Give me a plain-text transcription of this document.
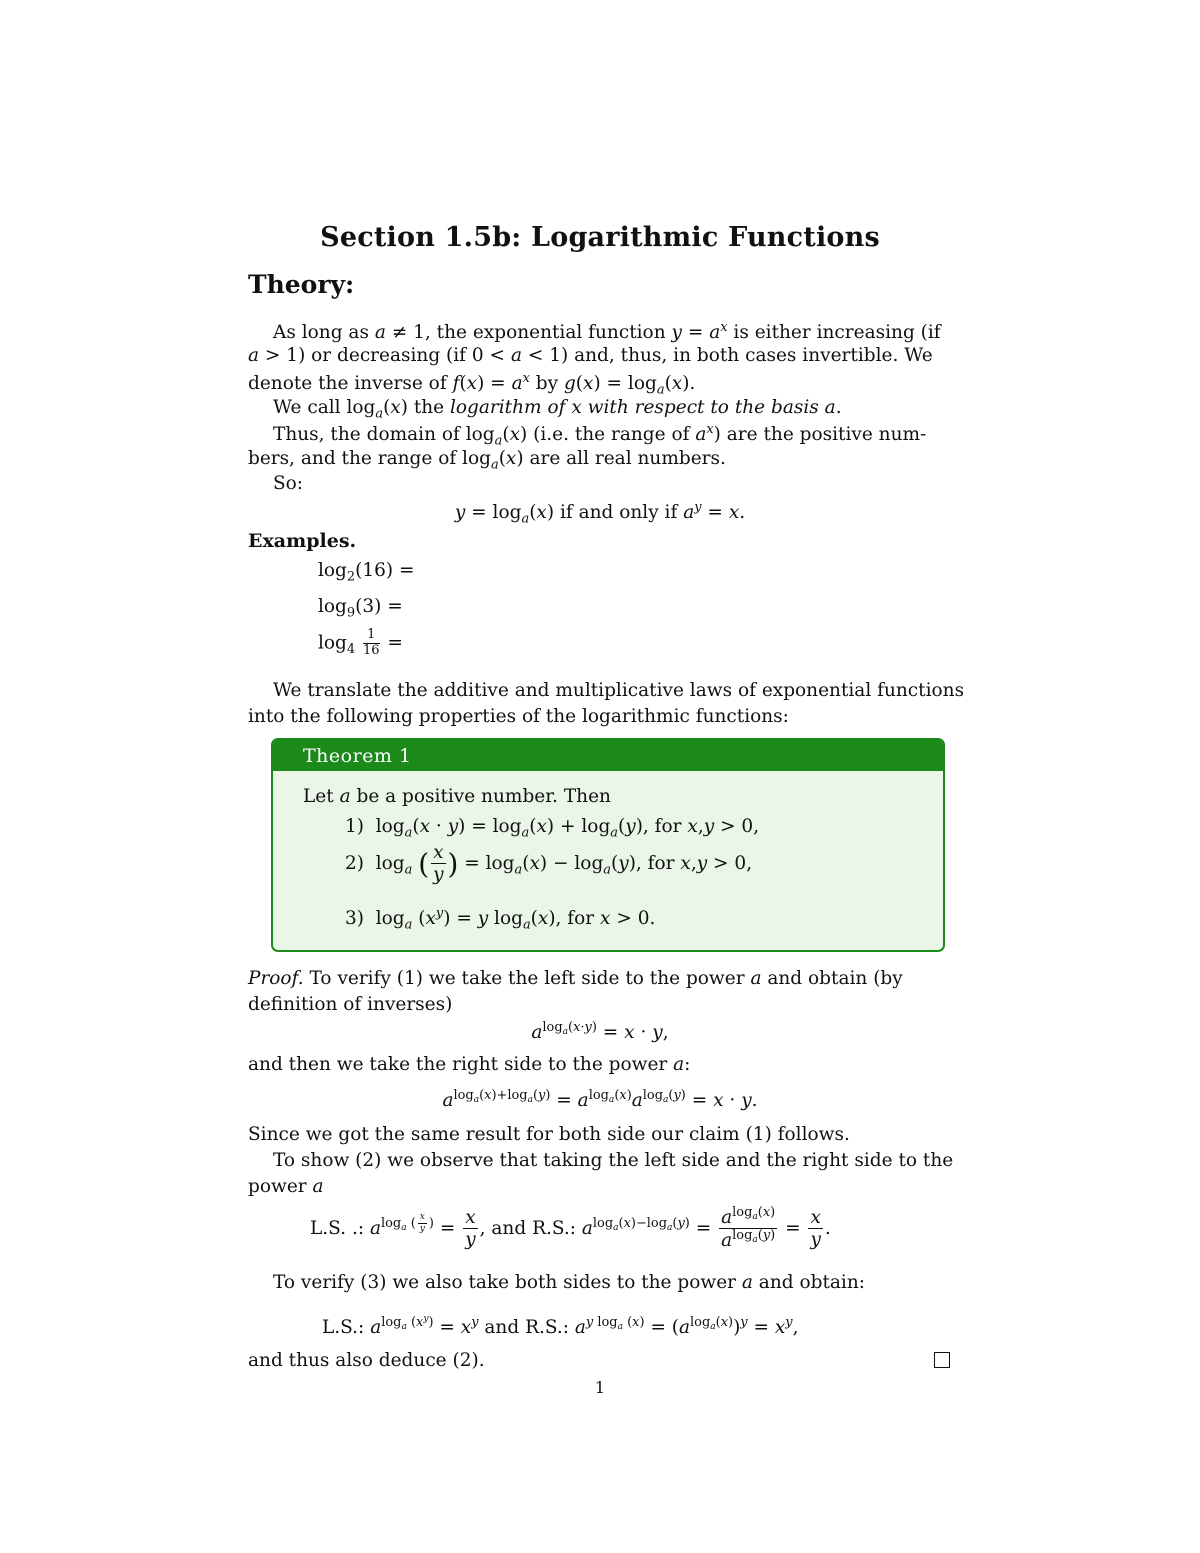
Section 1.5b: Logarithmic Functions
Theory:
As long as a ≠ 1, the exponential function $y = a^x$ is either increasing (if
a > 1) or decreasing (if 0 < a < 1) and, thus, in both cases invertible. We
denote the inverse of $f(x) = a^x$ by $g(x) = \log_a(x)$.
We call $\log_a(x)$ the logarithm of x with respect to the basis a.
Thus, the domain of $\log_a(x)$ (i.e. the range of $a^x$) are the positive num-
bers, and the range of $\log_a(x)$ are all real numbers.
So:
$y = \log_a(x)$ if and only if $a^y = x$.
Examples.
$\log_2(16)$ =
$\log_9(3)$ =
$\log_4 \frac{1}{16}$ =
We translate the additive and multiplicative laws of exponential functions
into the following properties of the logarithmic functions:
Theorem 1
Let a be a positive number. Then
1)  $\log_a(x \cdot y) = \log_a(x) + \log_a(y)$, for x,y > 0,
2)  $\log_a$ ( $\frac{x}{y}$ ) = $\log_a(x) - \log_a(y)$, for x,y > 0,
3)  $\log_a (x^y) = y$ $\log_a(x)$, for x > 0.
Proof. To verify (1) we take the left side to the power a and obtain (by
definition of inverses)
$a^{log_a(x\cdot y)} = x \cdot y$,
and then we take the right side to the power a:
$a^{log_a(x)+log_a(y)} = a^{log_a(x)}a^{log_a(y)} = x \cdot y$.
Since we got the same result for both side our claim (1) follows.
To show (2) we observe that taking the left side and the right side to the
power a
L.S. .: $a^{log_a ( \frac{x}{y} )} = \frac{x}{y}$ , and R.S.: $a^{log_a(x)-log_a(y)} = \frac{a^{log_a(x)}}{a^{log_a(y)}} = \frac{x}{y}$ .
To verify (3) we also take both sides to the power a and obtain:
L.S.: $a^{log_a (x^y)} = x^y$ and R.S.: $a^{y log_a (x)} = (a^{log_a(x)})^y = x^y$,
and thus also deduce (2).
1
